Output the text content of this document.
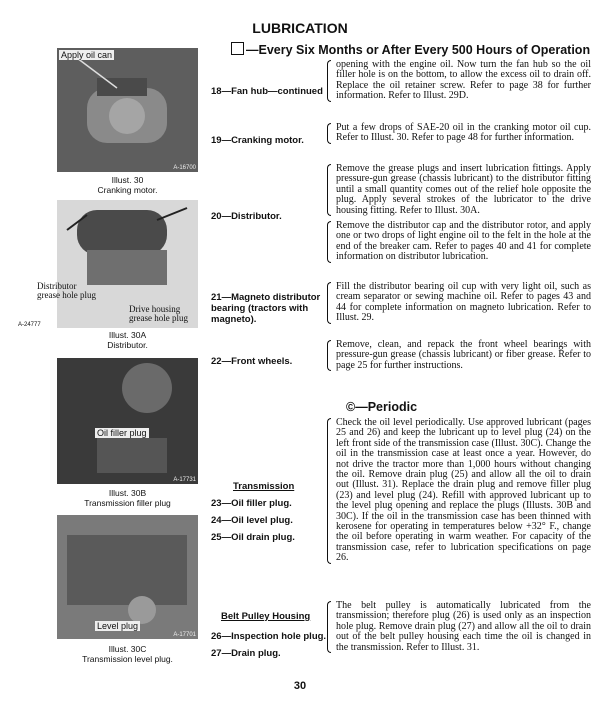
LUBRICATION
—Every Six Months or After Every 500 Hours of Operation
Apply oil can
A-16700
Illust. 30
Cranking motor.
Distributor
grease hole plug
Drive housing
grease hole plug
A-24777
Illust. 30A
Distributor.
Oil filler plug
A-17731
Illust. 30B
Transmission filler plug
Level plug
A-17701
Illust. 30C
Transmission level plug.
18—Fan hub—continued
opening with the engine oil. Now turn the fan hub so the oil filler hole is on the bottom, to allow the excess oil to drain off. Replace the oil retainer screw. Refer to page 38 for further information. Refer to Illust. 29D.
19—Cranking motor.
Put a few drops of SAE-20 oil in the cranking motor oil cup. Refer to Illust. 30. Refer to page 48 for further information.
20—Distributor.
Remove the grease plugs and insert lubrication fittings. Apply pressure-gun grease (chassis lubricant) to the distributor fitting until a small quantity comes out of the relief hole opposite the plug. Apply several strokes of the lubricator to the drive housing fitting. Refer to Illust. 30A.
Remove the distributor cap and the distributor rotor, and apply one or two drops of light engine oil to the felt in the hole at the end of the breaker cam. Refer to pages 40 and 41 for complete information on distributor lubrication.
21—Magneto distributor bearing (tractors with magneto).
Fill the distributor bearing oil cup with very light oil, such as cream separator or sewing machine oil. Refer to pages 43 and 44 for complete information on magneto lubrication. Refer to Illust. 29.
22—Front wheels.
Remove, clean, and repack the front wheel bearings with pressure-gun grease (chassis lubricant) or fiber grease. Refer to page 25 for further instructions.
©—Periodic
Transmission
23—Oil filler plug.
24—Oil level plug.
25—Oil drain plug.
Check the oil level periodically. Use approved lubricant (pages 25 and 26) and keep the lubricant up to level plug (24) on the left front side of the transmission case (Illust. 30C). Change the oil in the transmission case at least once a year. However, do not drive the tractor more than 1,000 hours without changing the oil. Remove drain plug (25) and allow all the oil to drain out (Illust. 31). Replace the drain plug and remove filler plug (23) and level plug (24). Refill with approved lubricant up to the level plug opening and replace the plugs (Illusts. 30B and 30C). If the oil in the transmission case has been thinned with kerosene for operating in temperatures below +32° F., change the oil before operating in warm weather. For capacity of the transmission case, refer to lubrication specifications on page 26.
Belt Pulley Housing
26—Inspection hole plug.
27—Drain plug.
The belt pulley is automatically lubricated from the transmission; therefore plug (26) is used only as an inspection hole plug. Remove drain plug (27) and allow all the oil to drain out of the belt pulley housing each time the oil is changed in the transmission. Refer to Illust. 31.
30
